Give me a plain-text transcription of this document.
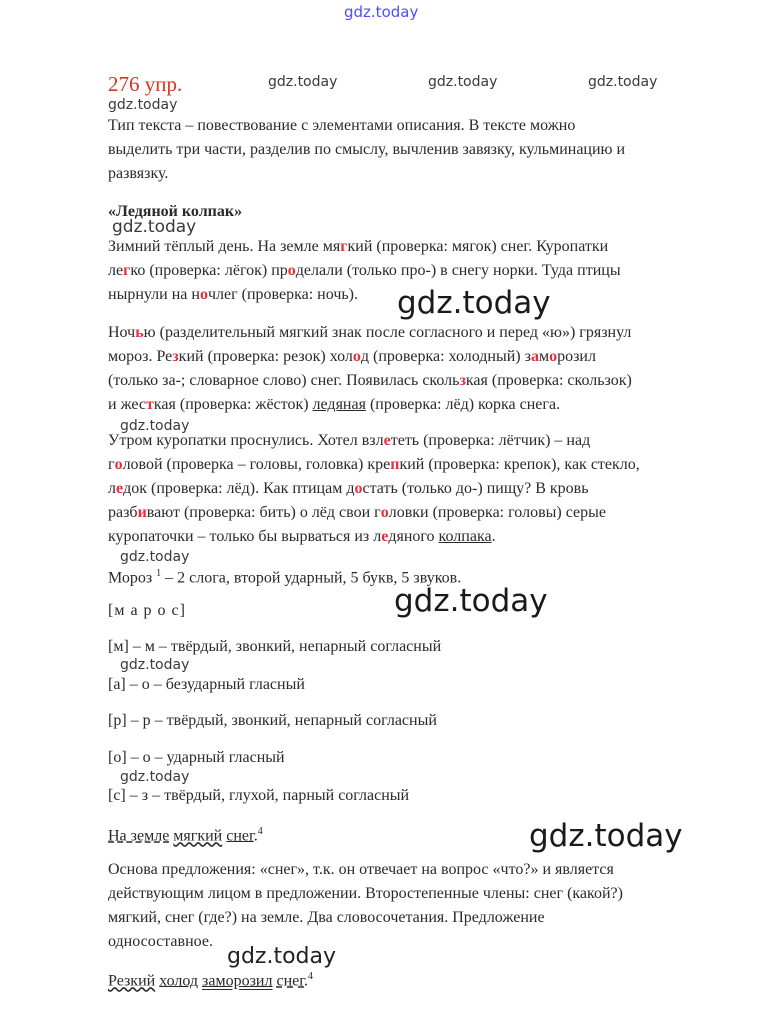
gdz.today
gdz.today	gdz.today	gdz.today
gdz.today
gdz.today
gdz.today
gdz.today
gdz.today
gdz.today
gdz.today
gdz.today
gdz.today
gdz.today
276 упр.
Тип текста – повествование с элементами описания. В тексте можно
выделить три части, разделив по смыслу, вычленив завязку, кульминацию и
развязку.
«Ледяной колпак»
Зимний тёплый день. На земле мягкий (проверка: мягок) снег. Куропатки
легко (проверка: лёгок) проделали (только про-) в снегу норки. Туда птицы
нырнули на ночлег (проверка: ночь).
Ночью (разделительный мягкий знак после согласного и перед «ю») грязнул
мороз. Резкий (проверка: резок) холод (проверка: холодный) заморозил
(только за-; словарное слово) снег. Появилась скользкая (проверка: скользок)
и жесткая (проверка: жёсток) ледяная (проверка: лёд) корка снега.
Утром куропатки проснулись. Хотел взлететь (проверка: лётчик) – над
головой (проверка – головы, головка) крепкий (проверка: крепок), как стекло,
ледок (проверка: лёд). Как птицам достать (только до-) пищу? В кровь
разбивают (проверка: бить) о лёд свои головки (проверка: головы) серые
куропаточки – только бы вырваться из ледяного колпака.
Мороз $^1$ – 2 слога, второй ударный, 5 букв, 5 звуков.
[м а р о с]
[м] – м – твёрдый, звонкий, непарный согласный
[а] – о – безударный гласный
[р] – р – твёрдый, звонкий, непарный согласный
[о] – о – ударный гласный
[с] – з – твёрдый, глухой, парный согласный
На земле мягкий снег.$^4$
Основа предложения: «снег», т.к. он отвечает на вопрос «что?» и является
действующим лицом в предложении. Второстепенные члены: снег (какой?)
мягкий, снег (где?) на земле. Два словосочетания. Предложение
односоставное.
Резкий холод заморозил снег.$^4$
